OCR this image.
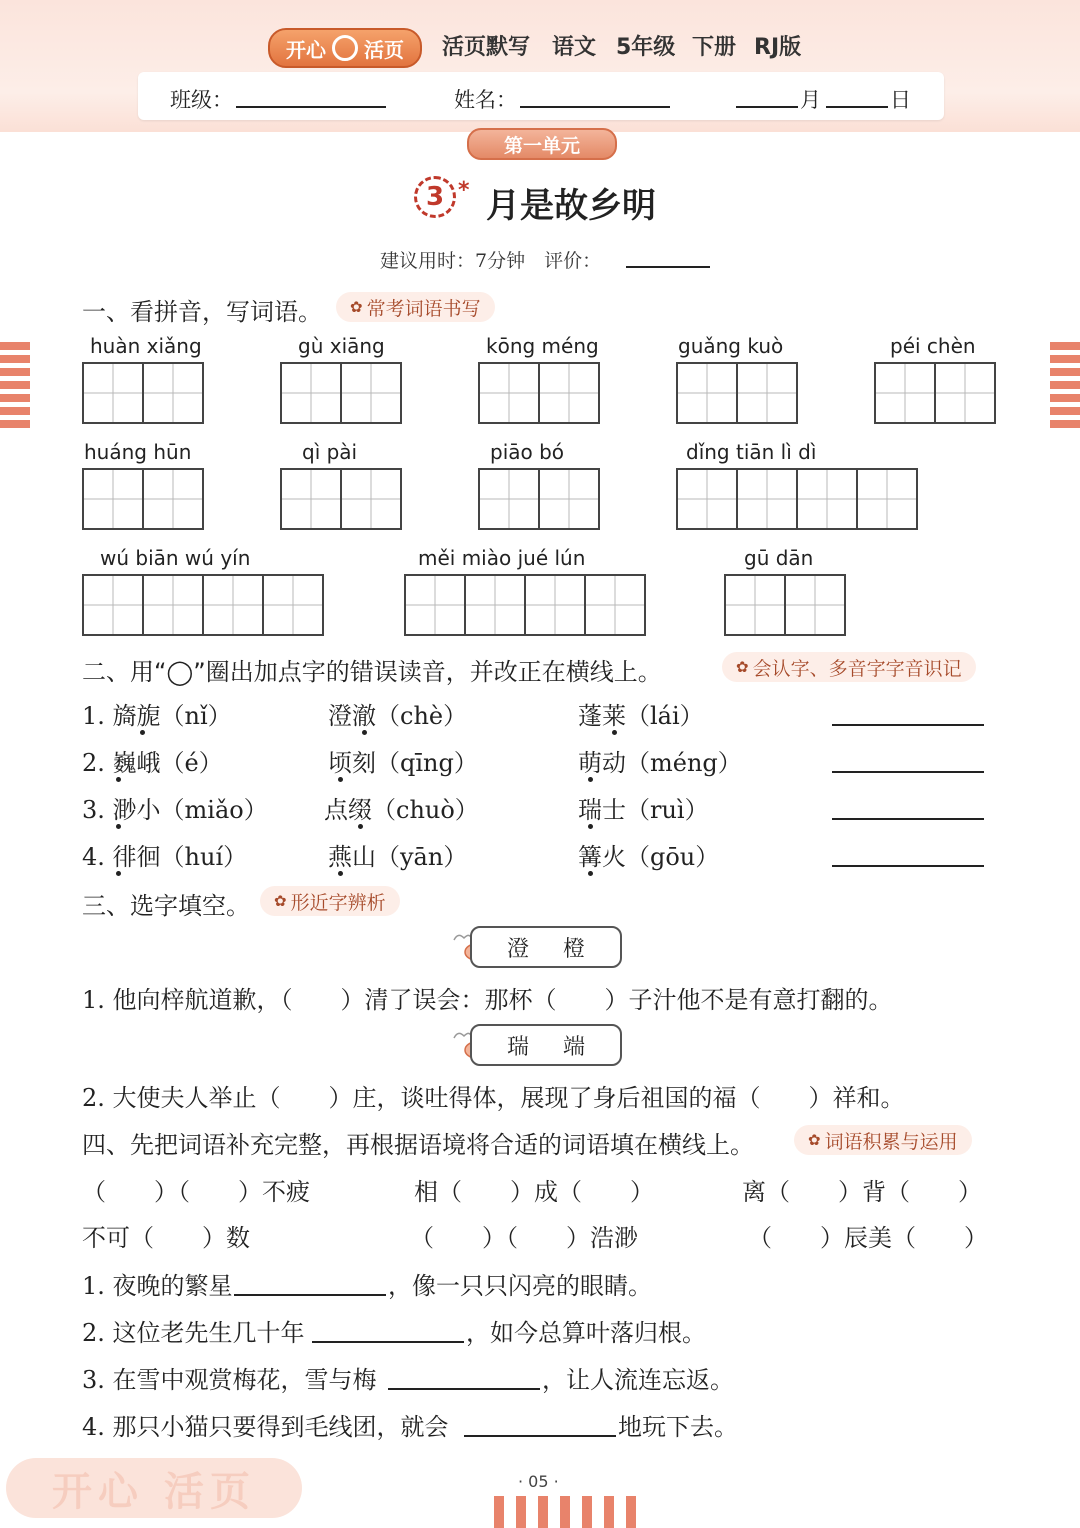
开心 活页 活页默写 语文 5年级 下册 RJ版
班级：	姓名：	月	日
第一单元
3 * 月是故乡明
建议用时：7分钟　评价：
一、看拼音，写词语。 ✿ 常考词语书写
huàn xiǎng	gù xiāng	kōng méng	guǎng kuò	péi chèn
huáng hūn	qì pài	piāo bó	dǐng tiān lì dì
wú biān wú yín	měi miào jué lún	gū dān
二、用“◯”圈出加点字的错误读音，并改正在横线上。	✿ 会认字、多音字字音识记
1. 旖旎（nǐ）	澄澈（chè）	蓬莱（lái）
2. 巍峨（é）	顷刻（qīng）	萌动（méng）
3. 渺小（miǎo） 点缀（chuò）	瑞士（ruì）
4. 徘徊（huí）	燕山（yān）	篝火（gōu）
三、选字填空。 ✿ 形近字辨析
澄 橙
1. 他向梓航道歉，（　　）清了误会：那杯（　　）子汁他不是有意打翻的。
瑞 端
2. 大使夫人举止（　　）庄，谈吐得体，展现了身后祖国的福（　　）祥和。
四、先把词语补充完整，再根据语境将合适的词语填在横线上。	✿ 词语积累与运用
（　　）（　　）不疲	相（　　）成（　　）	离（　　）背（　　）
不可（　　）数	（　　）（　　）浩渺	（　　）辰美（　　）
1. 夜晚的繁星	，像一只只闪亮的眼睛。
2. 这位老先生几十年	，如今总算叶落归根。
3. 在雪中观赏梅花，雪与梅	，让人流连忘返。
4. 那只小猫只要得到毛线团，就会	地玩下去。
开心 活页	· 05 ·
